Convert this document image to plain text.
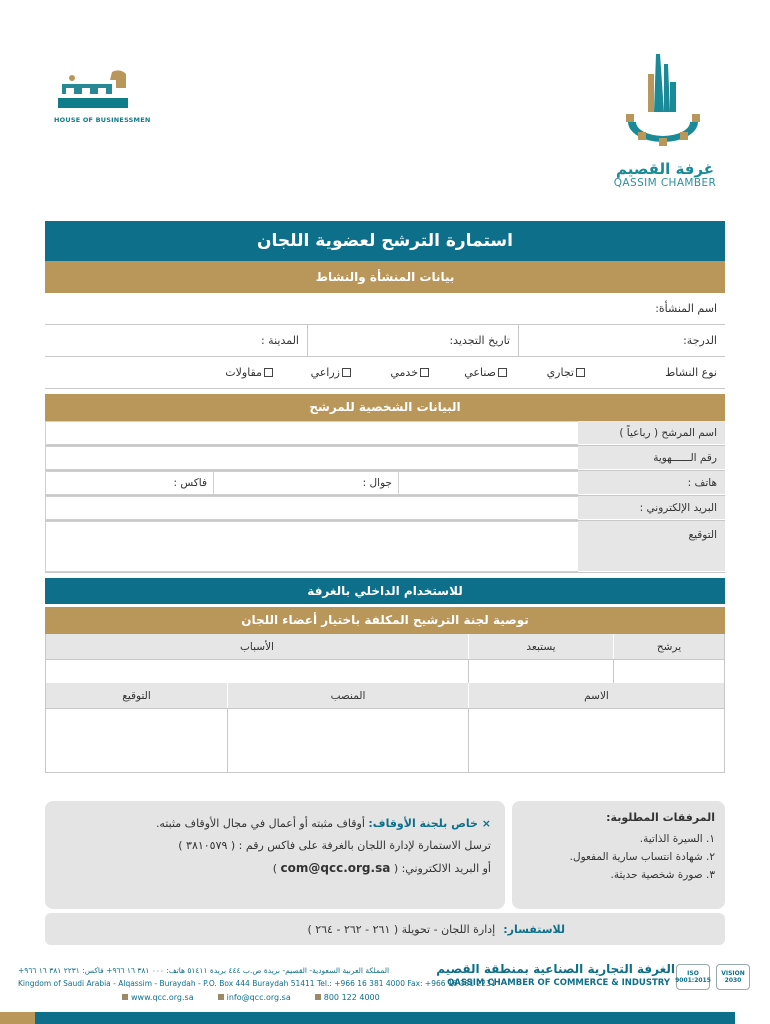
HOUSE OF BUSINESSMEN
غرفة القصيم
QASSIM CHAMBER
استمارة الترشح لعضوية اللجان
بيانات المنشأة والنشاط
اسم المنشأة:
الدرجة:
تاريخ التجديد:
المدينة :
نوع النشاط
تجاري
صناعي
خدمي
زراعي
مقاولات
البيانات الشخصية للمرشح
اسم المرشح ( رباعياً )
رقم الــــــهوية
هاتف :
جوال :
فاكس :
البريد الإلكتروني :
التوقيع
للاستخدام الداخلي بالغرفة
توصية لجنة الترشيح المكلفة باختيار أعضاء اللجان
يرشح
يستبعد
الأسباب
الاسم
المنصب
التوقيع
المرفقات المطلوبة:
١. السيرة الذاتية.
٢. شهادة انتساب سارية المفعول.
٣. صورة شخصية حديثة.
× خاص بلجنة الأوقاف: أوقاف مثبته أو أعمال في مجال الأوقاف مثبته.
ترسل الاستمارة لإدارة اللجان بالغرفة على فاكس رقم : ( ٣٨١٠٥٧٩ )
أو البريد الالكتروني: ( com@qcc.org.sa )
للاستفسار:
إدارة اللجان - تحويلة ( ٢٦١ - ٢٦٢ - ٢٦٤ )
الغرفة التجارية الصناعية بمنطقة القصيم
QASSIM CHAMBER OF COMMERCE & INDUSTRY
المملكة العربية السعودية- القصيم- بريدة ص.ب ٤٤٤ بريدة ٥١٤١١ هاتف: ٠٠٠ ٣٨١ ١٦ ٩٦٦+ فاكس: ٢٢٣١ ٣٨١ ١٦ ٩٦٦+
Kingdom of Saudi Arabia - Alqassim - Buraydah - P.O. Box 444 Buraydah 51411 Tel.: +966 16 381 4000 Fax: +966 16 381 2231
www.qcc.org.sa	info@qcc.org.sa	800 122 4000
ISO 9001:2015
VISION 2030
